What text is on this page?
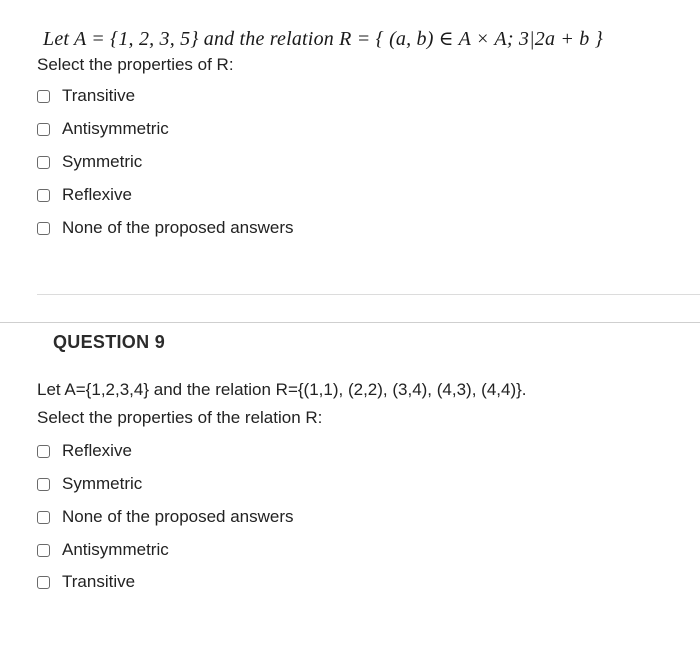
Let A = {1, 2, 3, 5} and the relation R = { (a, b) ∈ A × A; 3|2a + b }
Select the properties of R:
Transitive
Antisymmetric
Symmetric
Reflexive
None of the proposed answers
QUESTION 9
Let A={1,2,3,4} and the relation R={(1,1), (2,2), (3,4), (4,3), (4,4)}.
Select the properties of the relation R:
Reflexive
Symmetric
None of the proposed answers
Antisymmetric
Transitive
